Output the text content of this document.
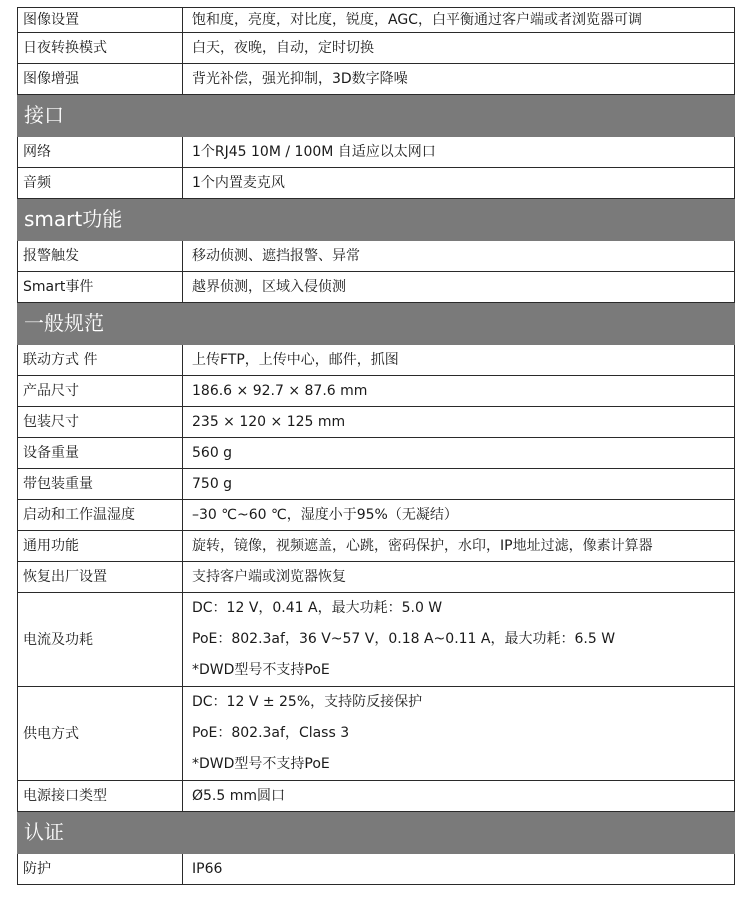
图像设置	饱和度，亮度，对比度，锐度，AGC，白平衡通过客户端或者浏览器可调
日夜转换模式	白天，夜晚，自动，定时切换
图像增强	背光补偿，强光抑制，3D数字降噪
接口	
网络	1个RJ45 10M / 100M 自适应以太网口
音频	1个内置麦克风
smart功能	
报警触发	移动侦测、遮挡报警、异常
Smart事件	越界侦测，区域入侵侦测
一般规范	
联动方式 件	上传FTP，上传中心，邮件，抓图
产品尺寸	186.6 × 92.7 × 87.6 mm
包装尺寸	235 × 120 × 125 mm
设备重量	560 g
带包装重量	750 g
启动和工作温湿度	–30 ℃~60 ℃，湿度小于95%（无凝结）
通用功能	旋转，镜像，视频遮盖，心跳，密码保护，水印，IP地址过滤，像素计算器
恢复出厂设置	支持客户端或浏览器恢复
电流及功耗	DC：12 V，0.41 A，最大功耗：5.0 W
PoE：802.3af，36 V~57 V，0.18 A~0.11 A，最大功耗：6.5 W
*DWD型号不支持PoE

供电方式	DC：12 V ± 25%，支持防反接保护
PoE：802.3af，Class 3
*DWD型号不支持PoE

电源接口类型	Ø5.5 mm圆口
认证	
防护	IP66
